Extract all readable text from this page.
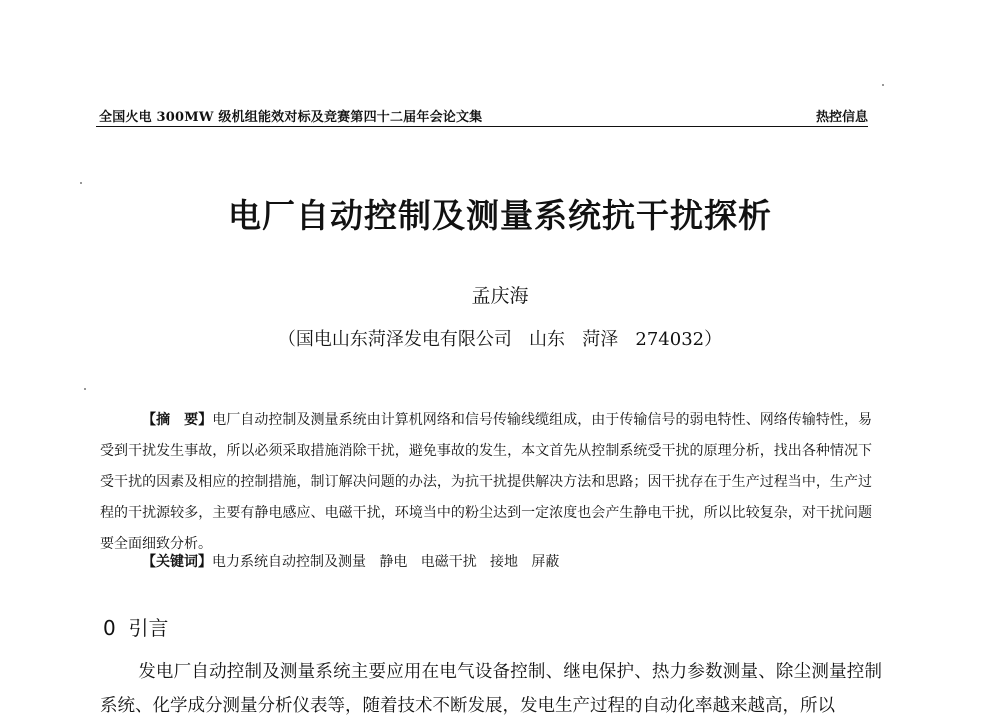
全国火电 300MW 级机组能效对标及竞赛第四十二届年会论文集	热控信息
电厂自动控制及测量系统抗干扰探析
孟庆海
（国电山东菏泽发电有限公司   山东   菏泽   274032）
【摘　要】电厂自动控制及测量系统由计算机网络和信号传输线缆组成，由于传输信号的弱电特性、网络传输特性，易受到干扰发生事故，所以必须采取措施消除干扰，避免事故的发生，本文首先从控制系统受干扰的原理分析，找出各种情况下受干扰的因素及相应的控制措施，制订解决问题的办法，为抗干扰提供解决方法和思路；因干扰存在于生产过程当中，生产过程的干扰源较多，主要有静电感应、电磁干扰，环境当中的粉尘达到一定浓度也会产生静电干扰，所以比较复杂，对干扰问题要全面细致分析。
【关键词】电力系统自动控制及测量   静电   电磁干扰   接地   屏蔽
0  引言
发电厂自动控制及测量系统主要应用在电气设备控制、继电保护、热力参数测量、除尘测量控制系统、化学成分测量分析仪表等，随着技术不断发展，发电生产过程的自动化率越来越高，所以
